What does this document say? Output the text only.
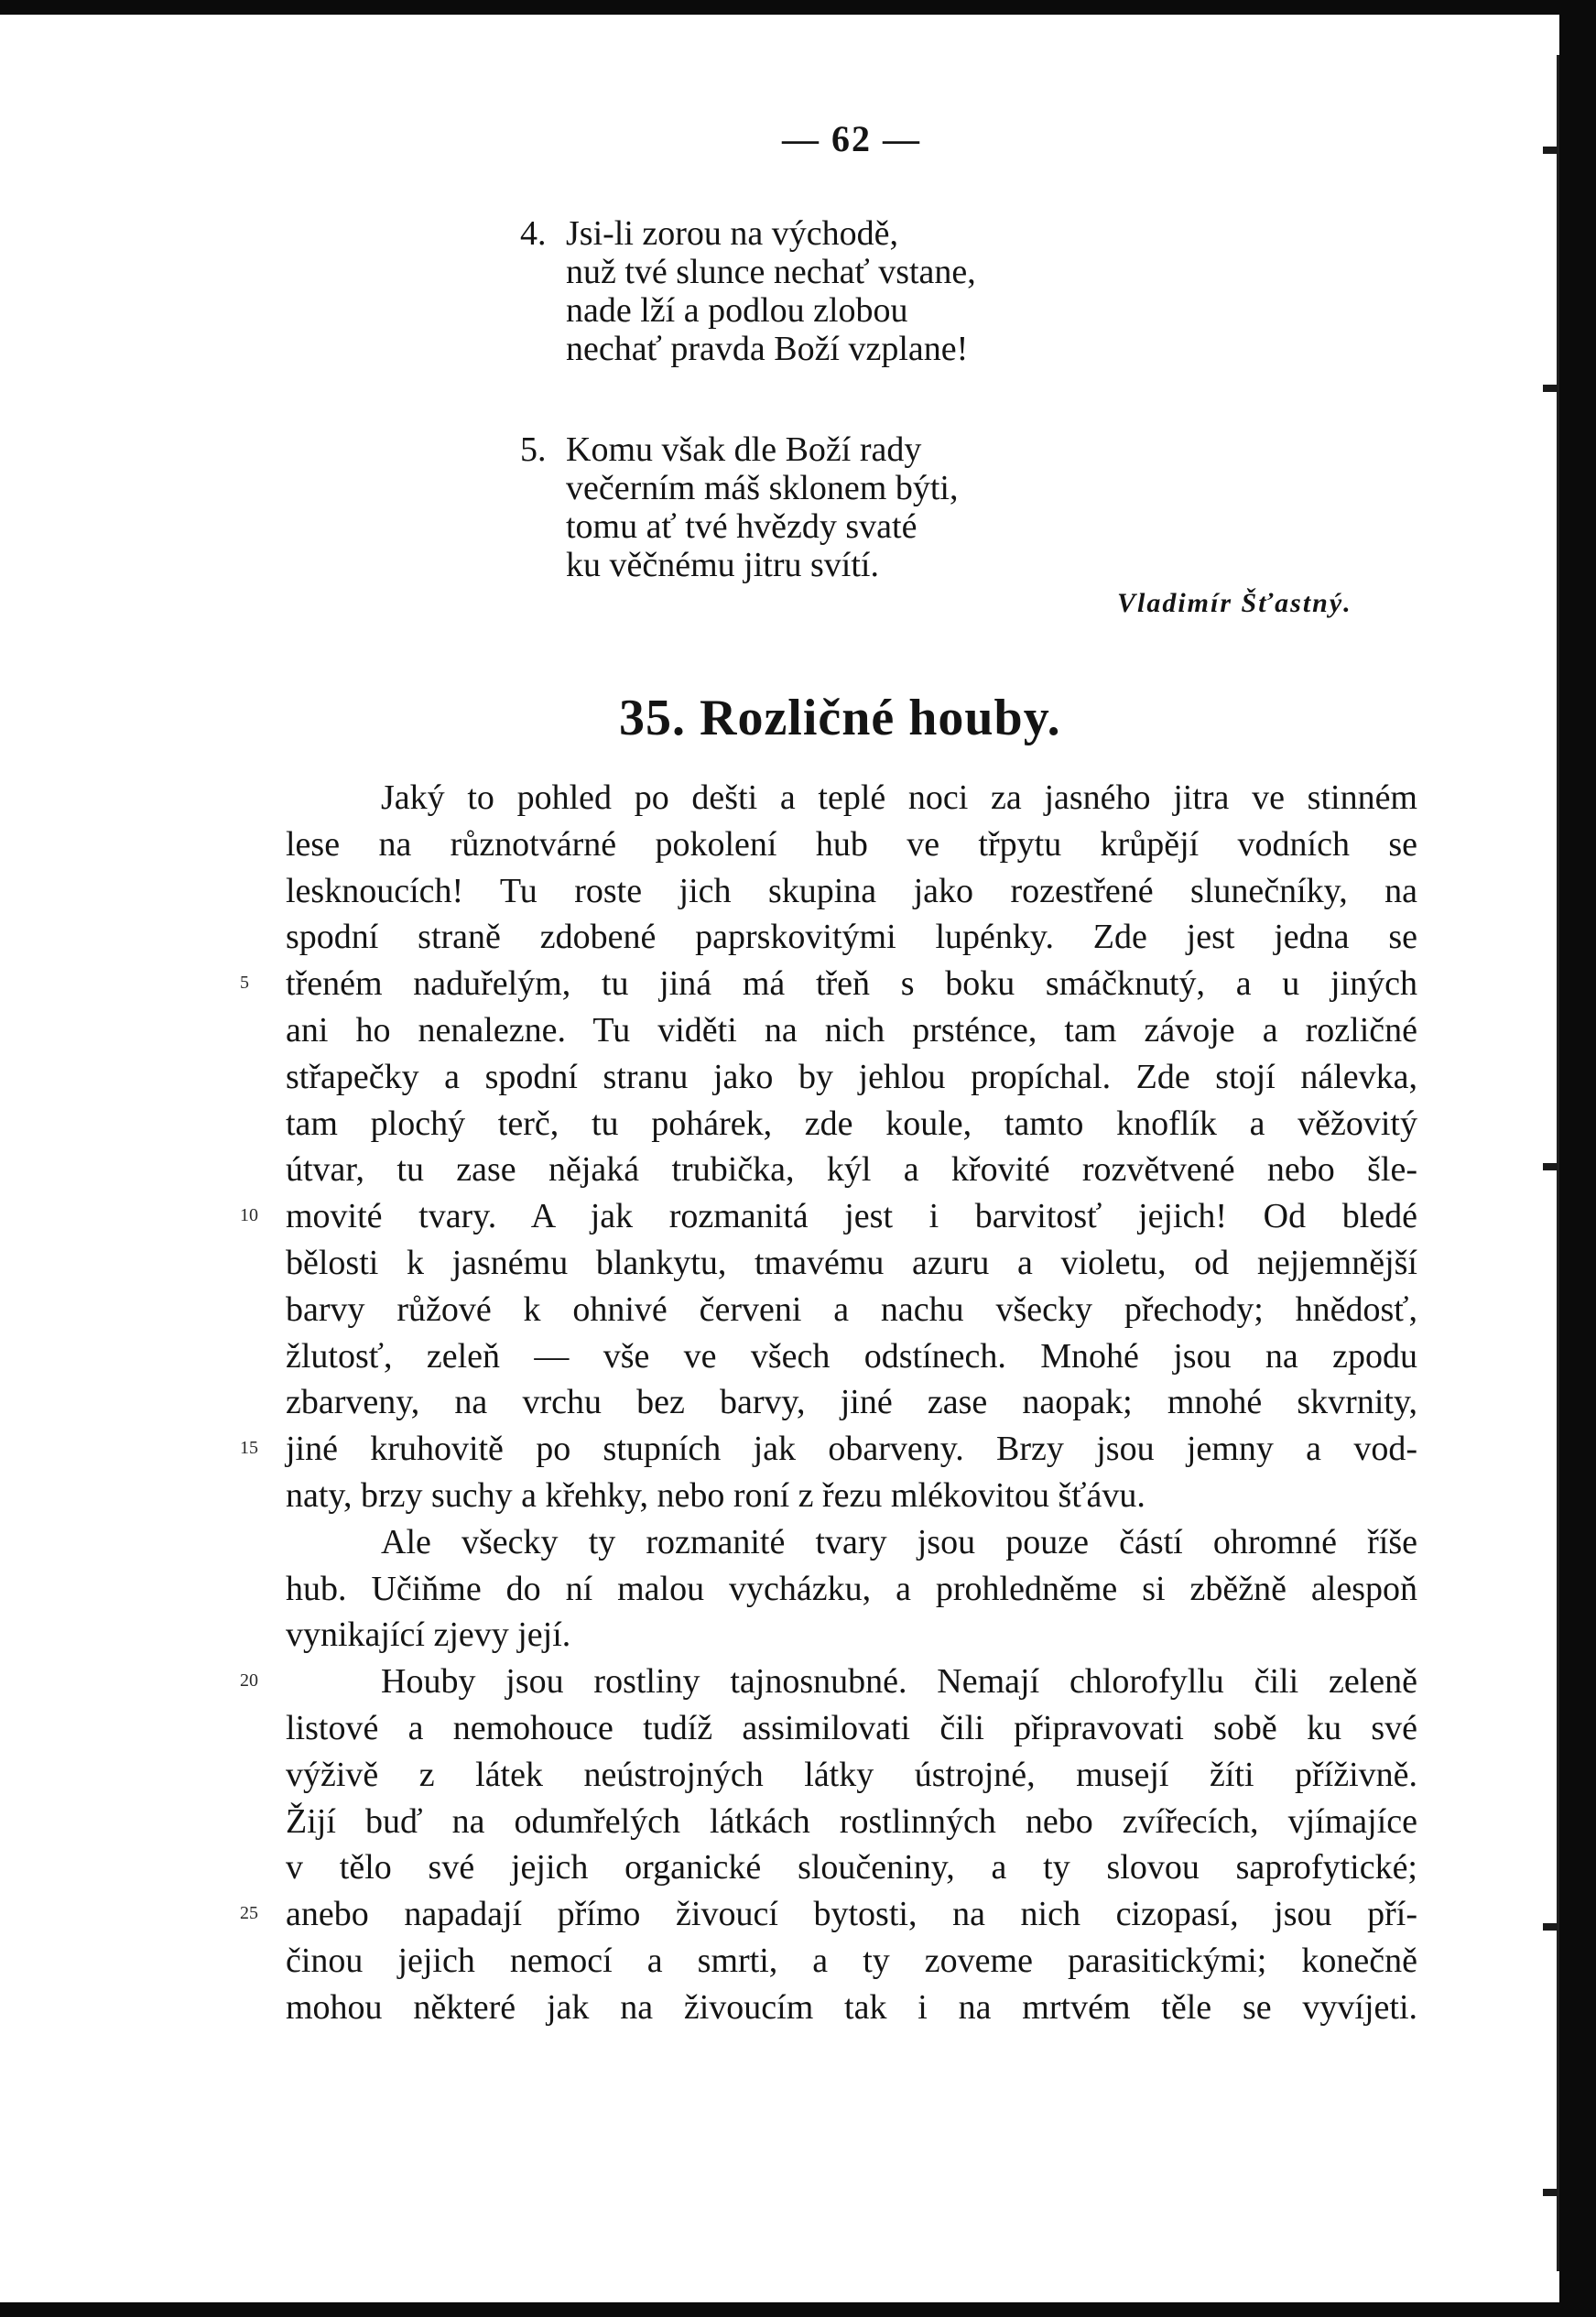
— 62 —
4. Jsi-li zorou na východě,
nuž tvé slunce nechať vstane,
nade lží a podlou zlobou
nechať pravda Boží vzplane!
5. Komu však dle Boží rady
večerním máš sklonem býti,
tomu ať tvé hvězdy svaté
ku věčnému jitru svítí.
Vladimír Šťastný.
35. Rozličné houby.
Jaký to pohled po dešti a teplé noci za jasného jitra ve stinném
lese na různotvárné pokolení hub ve třpytu krůpějí vodních se
lesknoucích! Tu roste jich skupina jako rozestřené slunečníky, na
spodní straně zdobené paprskovitými lupénky. Zde jest jedna se
třeném naduřelým, tu jiná má třeň s boku smáčknutý, a u jiných
ani ho nenalezne. Tu viděti na nich prsténce, tam závoje a rozličné
střapečky a spodní stranu jako by jehlou propíchal. Zde stojí nálevka,
tam plochý terč, tu pohárek, zde koule, tamto knoflík a věžovitý
útvar, tu zase nějaká trubička, kýl a křovité rozvětvené nebo šle-
movité tvary. A jak rozmanitá jest i barvitosť jejich! Od bledé
bělosti k jasnému blankytu, tmavému azuru a violetu, od nejjemnější
barvy růžové k ohnivé červeni a nachu všecky přechody; hnědosť,
žlutosť, zeleň — vše ve všech odstínech. Mnohé jsou na zpodu
zbarveny, na vrchu bez barvy, jiné zase naopak; mnohé skvrnity,
jiné kruhovitě po stupních jak obarveny. Brzy jsou jemny a vod-
naty, brzy suchy a křehky, nebo roní z řezu mlékovitou šťávu.
Ale všecky ty rozmanité tvary jsou pouze částí ohromné říše
hub. Učiňme do ní malou vycházku, a prohledněme si zběžně alespoň
vynikající zjevy její.
Houby jsou rostliny tajnosnubné. Nemají chlorofyllu čili zeleně
listové a nemohouce tudíž assimilovati čili připravovati sobě ku své
výživě z látek neústrojných látky ústrojné, musejí žíti příživně.
Žijí buď na odumřelých látkách rostlinných nebo zvířecích, vjímajíce
v tělo své jejich organické sloučeniny, a ty slovou saprofytické;
anebo napadají přímo živoucí bytosti, na nich cizopasí, jsou pří-
činou jejich nemocí a smrti, a ty zoveme parasitickými; konečně
mohou některé jak na živoucím tak i na mrtvém těle se vyvíjeti.
5
10
15
20
25
